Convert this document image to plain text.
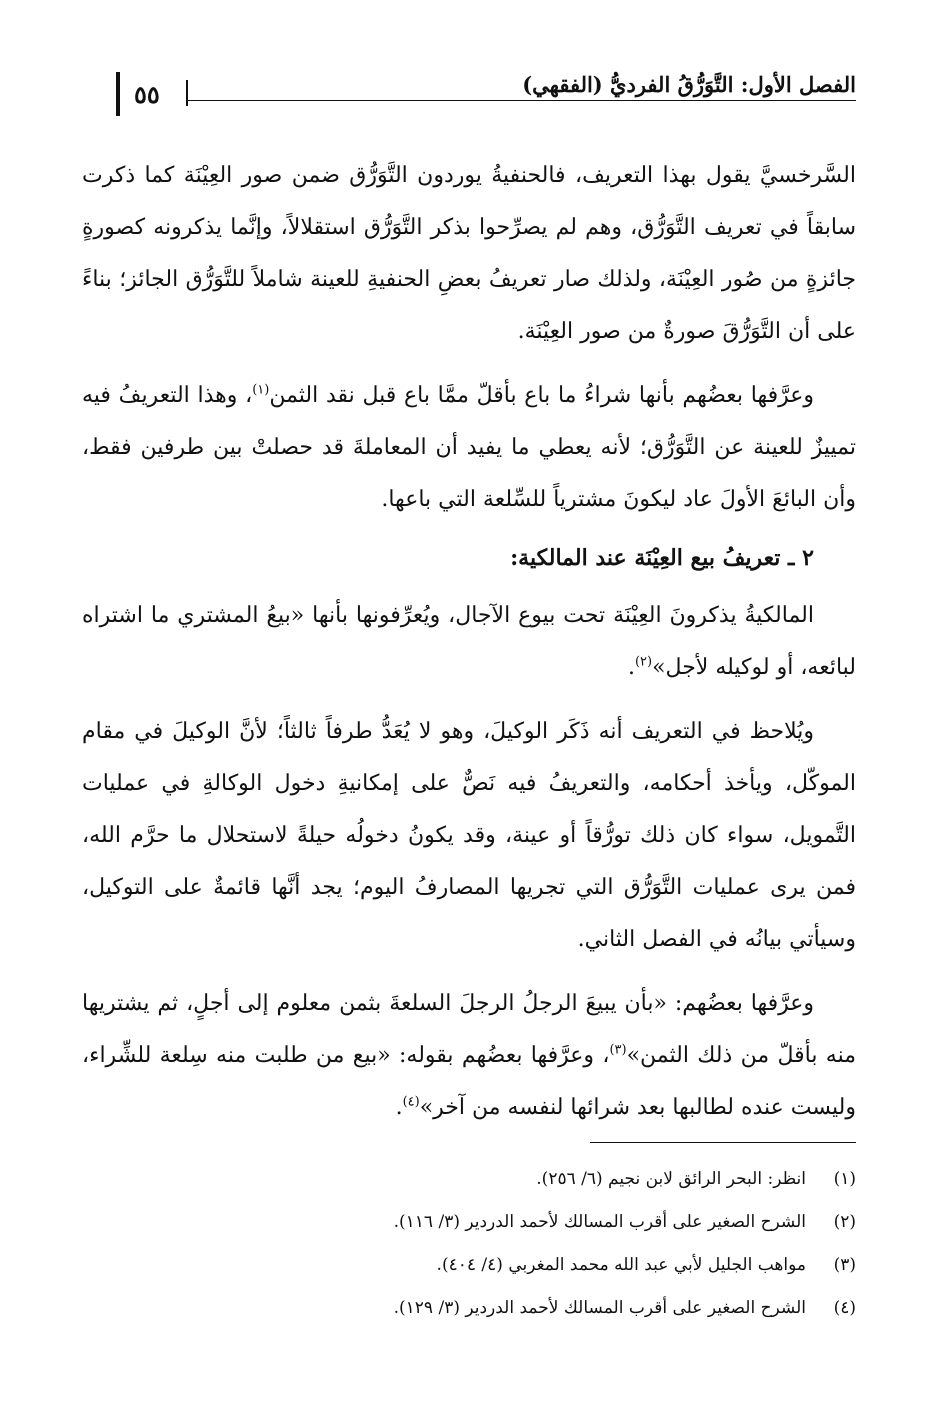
الفصل الأول: التَّوَرُّقُ الفرديُّ (الفقهي)
٥٥

السَّرخسيَّ يقول بهذا التعريف، فالحنفيةُ يوردون التَّوَرُّق ضمن صور العِيْنَة كما ذكرت سابقاً في تعريف التَّوَرُّق، وهم لم يصرِّحوا بذكر التَّوَرُّق استقلالاً، وإنَّما يذكرونه كصورةٍ جائزةٍ من صُور العِيْنَة، ولذلك صار تعريفُ بعضِ الحنفيةِ للعينة شاملاً للتَّوَرُّق الجائز؛ بناءً على أن التَّوَرُّقَ صورةٌ من صور العِيْنَة.

وعرَّفها بعضُهم بأنها شراءُ ما باع بأقلّ ممَّا باع قبل نقد الثمن$^{(١)}$، وهذا التعريفُ فيه تمييزٌ للعينة عن التَّوَرُّق؛ لأنه يعطي ما يفيد أن المعاملةَ قد حصلتْ بين طرفين فقط، وأن البائعَ الأولَ عاد ليكونَ مشترياً للسِّلعة التي باعها.

٢ ـ تعريفُ بيع العِيْنَة عند المالكية:

المالكيةُ يذكرونَ العِيْنَة تحت بيوع الآجال، ويُعرِّفونها بأنها «بيعُ المشتري ما اشتراه لبائعه، أو لوكيله لأجل»$^{(٢)}$.

ويُلاحظ في التعريف أنه ذَكَر الوكيلَ، وهو لا يُعَدُّ طرفاً ثالثاً؛ لأنَّ الوكيلَ في مقام الموكّل، ويأخذ أحكامه، والتعريفُ فيه نَصٌّ على إمكانيةِ دخول الوكالةِ في عمليات التَّمويل، سواء كان ذلك تورُّقاً أو عينة، وقد يكونُ دخولُه حيلةً لاستحلال ما حرَّم الله، فمن يرى عمليات التَّوَرُّق التي تجريها المصارفُ اليوم؛ يجد أنَّها قائمةٌ على التوكيل، وسيأتي بيانُه في الفصل الثاني.

وعرَّفها بعضُهم: «بأن يبيعَ الرجلُ الرجلَ السلعةَ بثمن معلوم إلى أجلٍ، ثم يشتريها منه بأقلّ من ذلك الثمن»$^{(٣)}$، وعرَّفها بعضُهم بقوله: «بيع من طلبت منه سِلعة للشِّراء، وليست عنده لطالبها بعد شرائها لنفسه من آخر»$^{(٤)}$.

(١)
انظر: البحر الرائق لابن نجيم (٦/ ٢٥٦).
(٢)
الشرح الصغير على أقرب المسالك لأحمد الدردير (٣/ ١١٦).
(٣)
مواهب الجليل لأبي عبد الله محمد المغربي (٤/ ٤٠٤).
(٤)
الشرح الصغير على أقرب المسالك لأحمد الدردير (٣/ ١٢٩).
